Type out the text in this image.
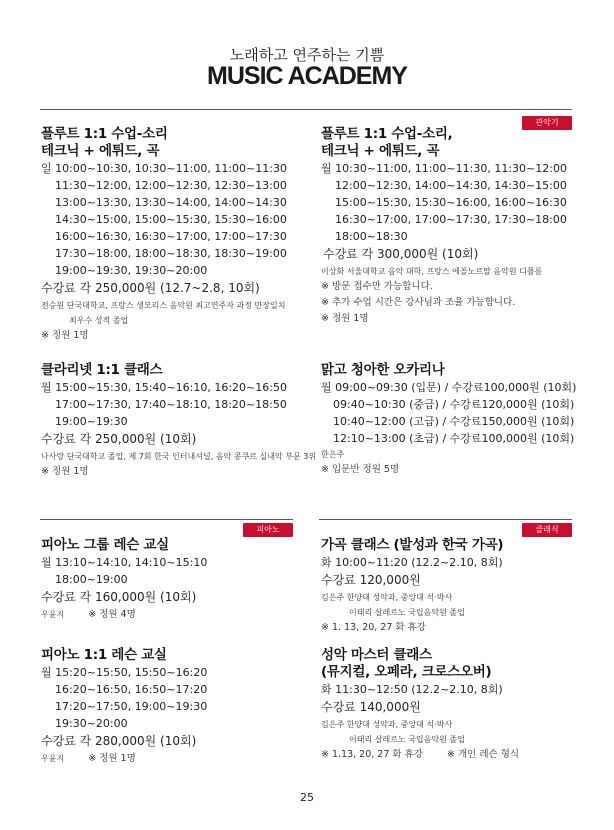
노래하고 연주하는 기쁨
MUSIC ACADEMY
관악기
플루트 1:1 수업-소리
테크닉 + 에튀드, 곡
일 10:00~10:30, 10:30~11:00, 11:00~11:30
11:30~12:00, 12:00~12:30, 12:30~13:00
13:00~13:30, 13:30~14:00, 14:00~14:30
14:30~15:00, 15:00~15:30, 15:30~16:00
16:00~16:30, 16:30~17:00, 17:00~17:30
17:30~18:00, 18:00~18:30, 18:30~19:00
19:00~19:30, 19:30~20:00
수강료 각 250,000원 (12.7~2.8, 10회)
전승원 단국대학교, 프랑스 생모리스 음악원 최고연주자 과정 만장일치
최우수 성적 졸업
※ 정원 1명
플루트 1:1 수업-소리,
테크닉 + 에튀드, 곡
월 10:30~11:00, 11:00~11:30, 11:30~12:00
12:00~12:30, 14:00~14:30, 14:30~15:00
15:00~15:30, 15:30~16:00, 16:00~16:30
16:30~17:00, 17:00~17:30, 17:30~18:00
18:00~18:30
수강료 각 300,000원 (10회)
이상화 서울대학교 음악 대학, 프랑스 에꼴노르말 음악원 디플롬
※ 방문 접수만 가능합니다.
※ 추가 수업 시간은 강사님과 조율 가능합니다.
※ 정원 1명
클라리넷 1:1 클래스
월 15:00~15:30, 15:40~16:10, 16:20~16:50
17:00~17:30, 17:40~18:10, 18:20~18:50
19:00~19:30
수강료 각 250,000원 (10회)
나사랑 단국대학교 졸업, 제 7회 한국 인터내셔널, 음악 콩쿠르 실내악 부문 3위
※ 정원 1명
맑고 청아한 오카리나
월 09:00~09:30 (입문) / 수강료100,000원 (10회)
09:40~10:30 (중급) / 수강료120,000원 (10회)
10:40~12:00 (고급) / 수강료150,000원 (10회)
12:10~13:00 (초급) / 수강료100,000원 (10회)
한은주
※ 입문반 정원 5명
피아노	클래식
피아노 그룹 레슨 교실
월 13:10~14:10, 14:10~15:10
18:00~19:00
수강료 각 160,000원 (10회)
우윤지	※ 정원 4명
피아노 1:1 레슨 교실
월 15:20~15:50, 15:50~16:20
16:20~16:50, 16:50~17:20
17:20~17:50, 19:00~19:30
19:30~20:00
수강료 각 280,000원 (10회)
우윤지	※ 정원 1명
가곡 클래스 (발성과 한국 가곡)
화 10:00~11:20 (12.2~2.10, 8회)
수강료 120,000원
김은주 한양대 성악과, 중앙대 석·박사
이태리 살레르노 국립음악원 졸업
※ 1. 13, 20, 27 화 휴강
성악 마스터 클래스
(뮤지컬, 오페라, 크로스오버)
화 11:30~12:50 (12.2~2.10, 8회)
수강료 140,000원
김은주 한양대 성악과, 중앙대 석·박사
이태리 살레르노 국립음악원 졸업
※ 1.13, 20, 27 화 휴강	※ 개인 레슨 형식
25
